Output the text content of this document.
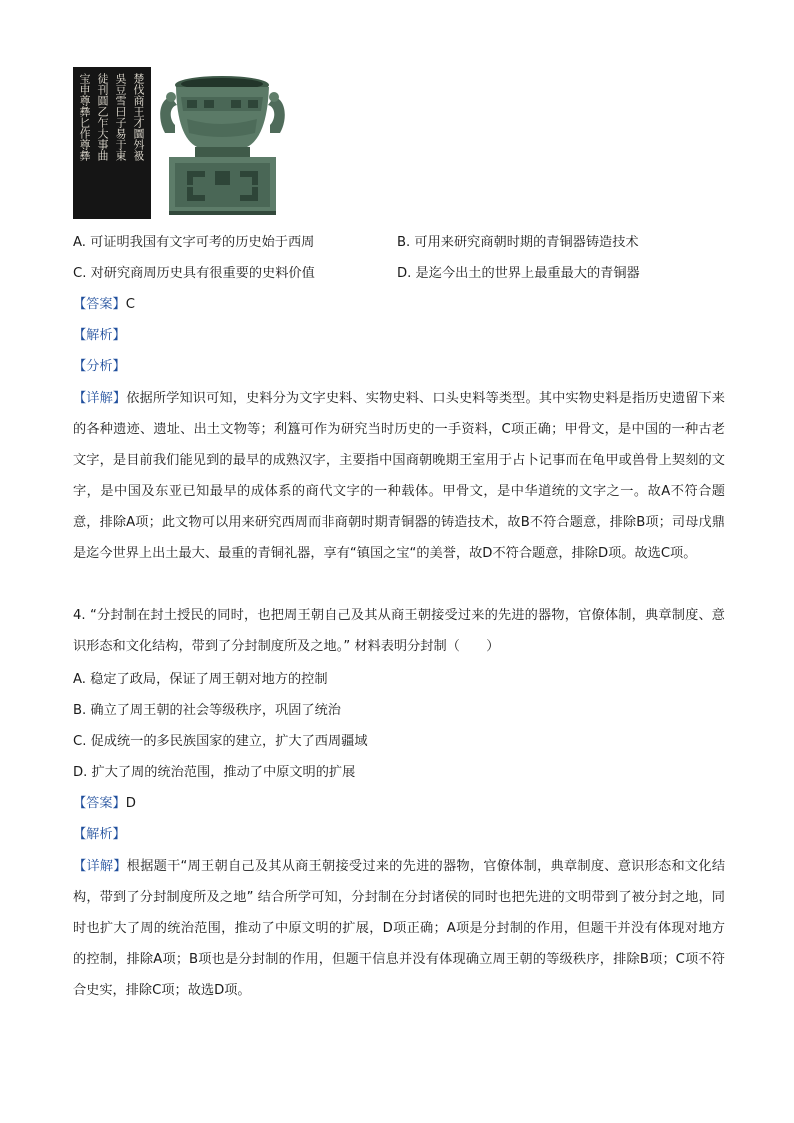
楚伐商王才圜斘衱
吳豆雪曰子易于東
徒刊圓乙乍大事曲
宝申尊彝匕作尊彝
A. 可证明我国有文字可考的历史始于西周	B. 可用来研究商朝时期的青铜器铸造技术
C. 对研究商周历史具有很重要的史料价值	D. 是迄今出土的世界上最重最大的青铜器
【答案】C
【解析】
【分析】
【详解】依据所学知识可知，史料分为文字史料、实物史料、口头史料等类型。其中实物史料是指历史遗留下来的各种遗迹、遗址、出土文物等；利簋可作为研究当时历史的一手资料，C项正确；甲骨文，是中国的一种古老文字，是目前我们能见到的最早的成熟汉字，主要指中国商朝晚期王室用于占卜记事而在龟甲或兽骨上契刻的文字，是中国及东亚已知最早的成体系的商代文字的一种载体。甲骨文，是中华道统的文字之一。故A不符合题意，排除A项；此文物可以用来研究西周而非商朝时期青铜器的铸造技术，故B不符合题意，排除B项；司母戊鼎是迄今世界上出土最大、最重的青铜礼器，享有“镇国之宝“的美誉，故D不符合题意，排除D项。故选C项。
4. “分封制在封土授民的同时，也把周王朝自己及其从商王朝接受过来的先进的器物，官僚体制，典章制度、意识形态和文化结构，带到了分封制度所及之地。” 材料表明分封制（　　）
A. 稳定了政局，保证了周王朝对地方的控制
B. 确立了周王朝的社会等级秩序，巩固了统治
C. 促成统一的多民族国家的建立，扩大了西周疆域
D. 扩大了周的统治范围，推动了中原文明的扩展
【答案】D
【解析】
【详解】根据题干“周王朝自己及其从商王朝接受过来的先进的器物，官僚体制，典章制度、意识形态和文化结构，带到了分封制度所及之地” 结合所学可知，分封制在分封诸侯的同时也把先进的文明带到了被分封之地，同时也扩大了周的统治范围，推动了中原文明的扩展，D项正确；A项是分封制的作用，但题干并没有体现对地方的控制，排除A项；B项也是分封制的作用，但题干信息并没有体现确立周王朝的等级秩序，排除B项；C项不符合史实，排除C项；故选D项。
